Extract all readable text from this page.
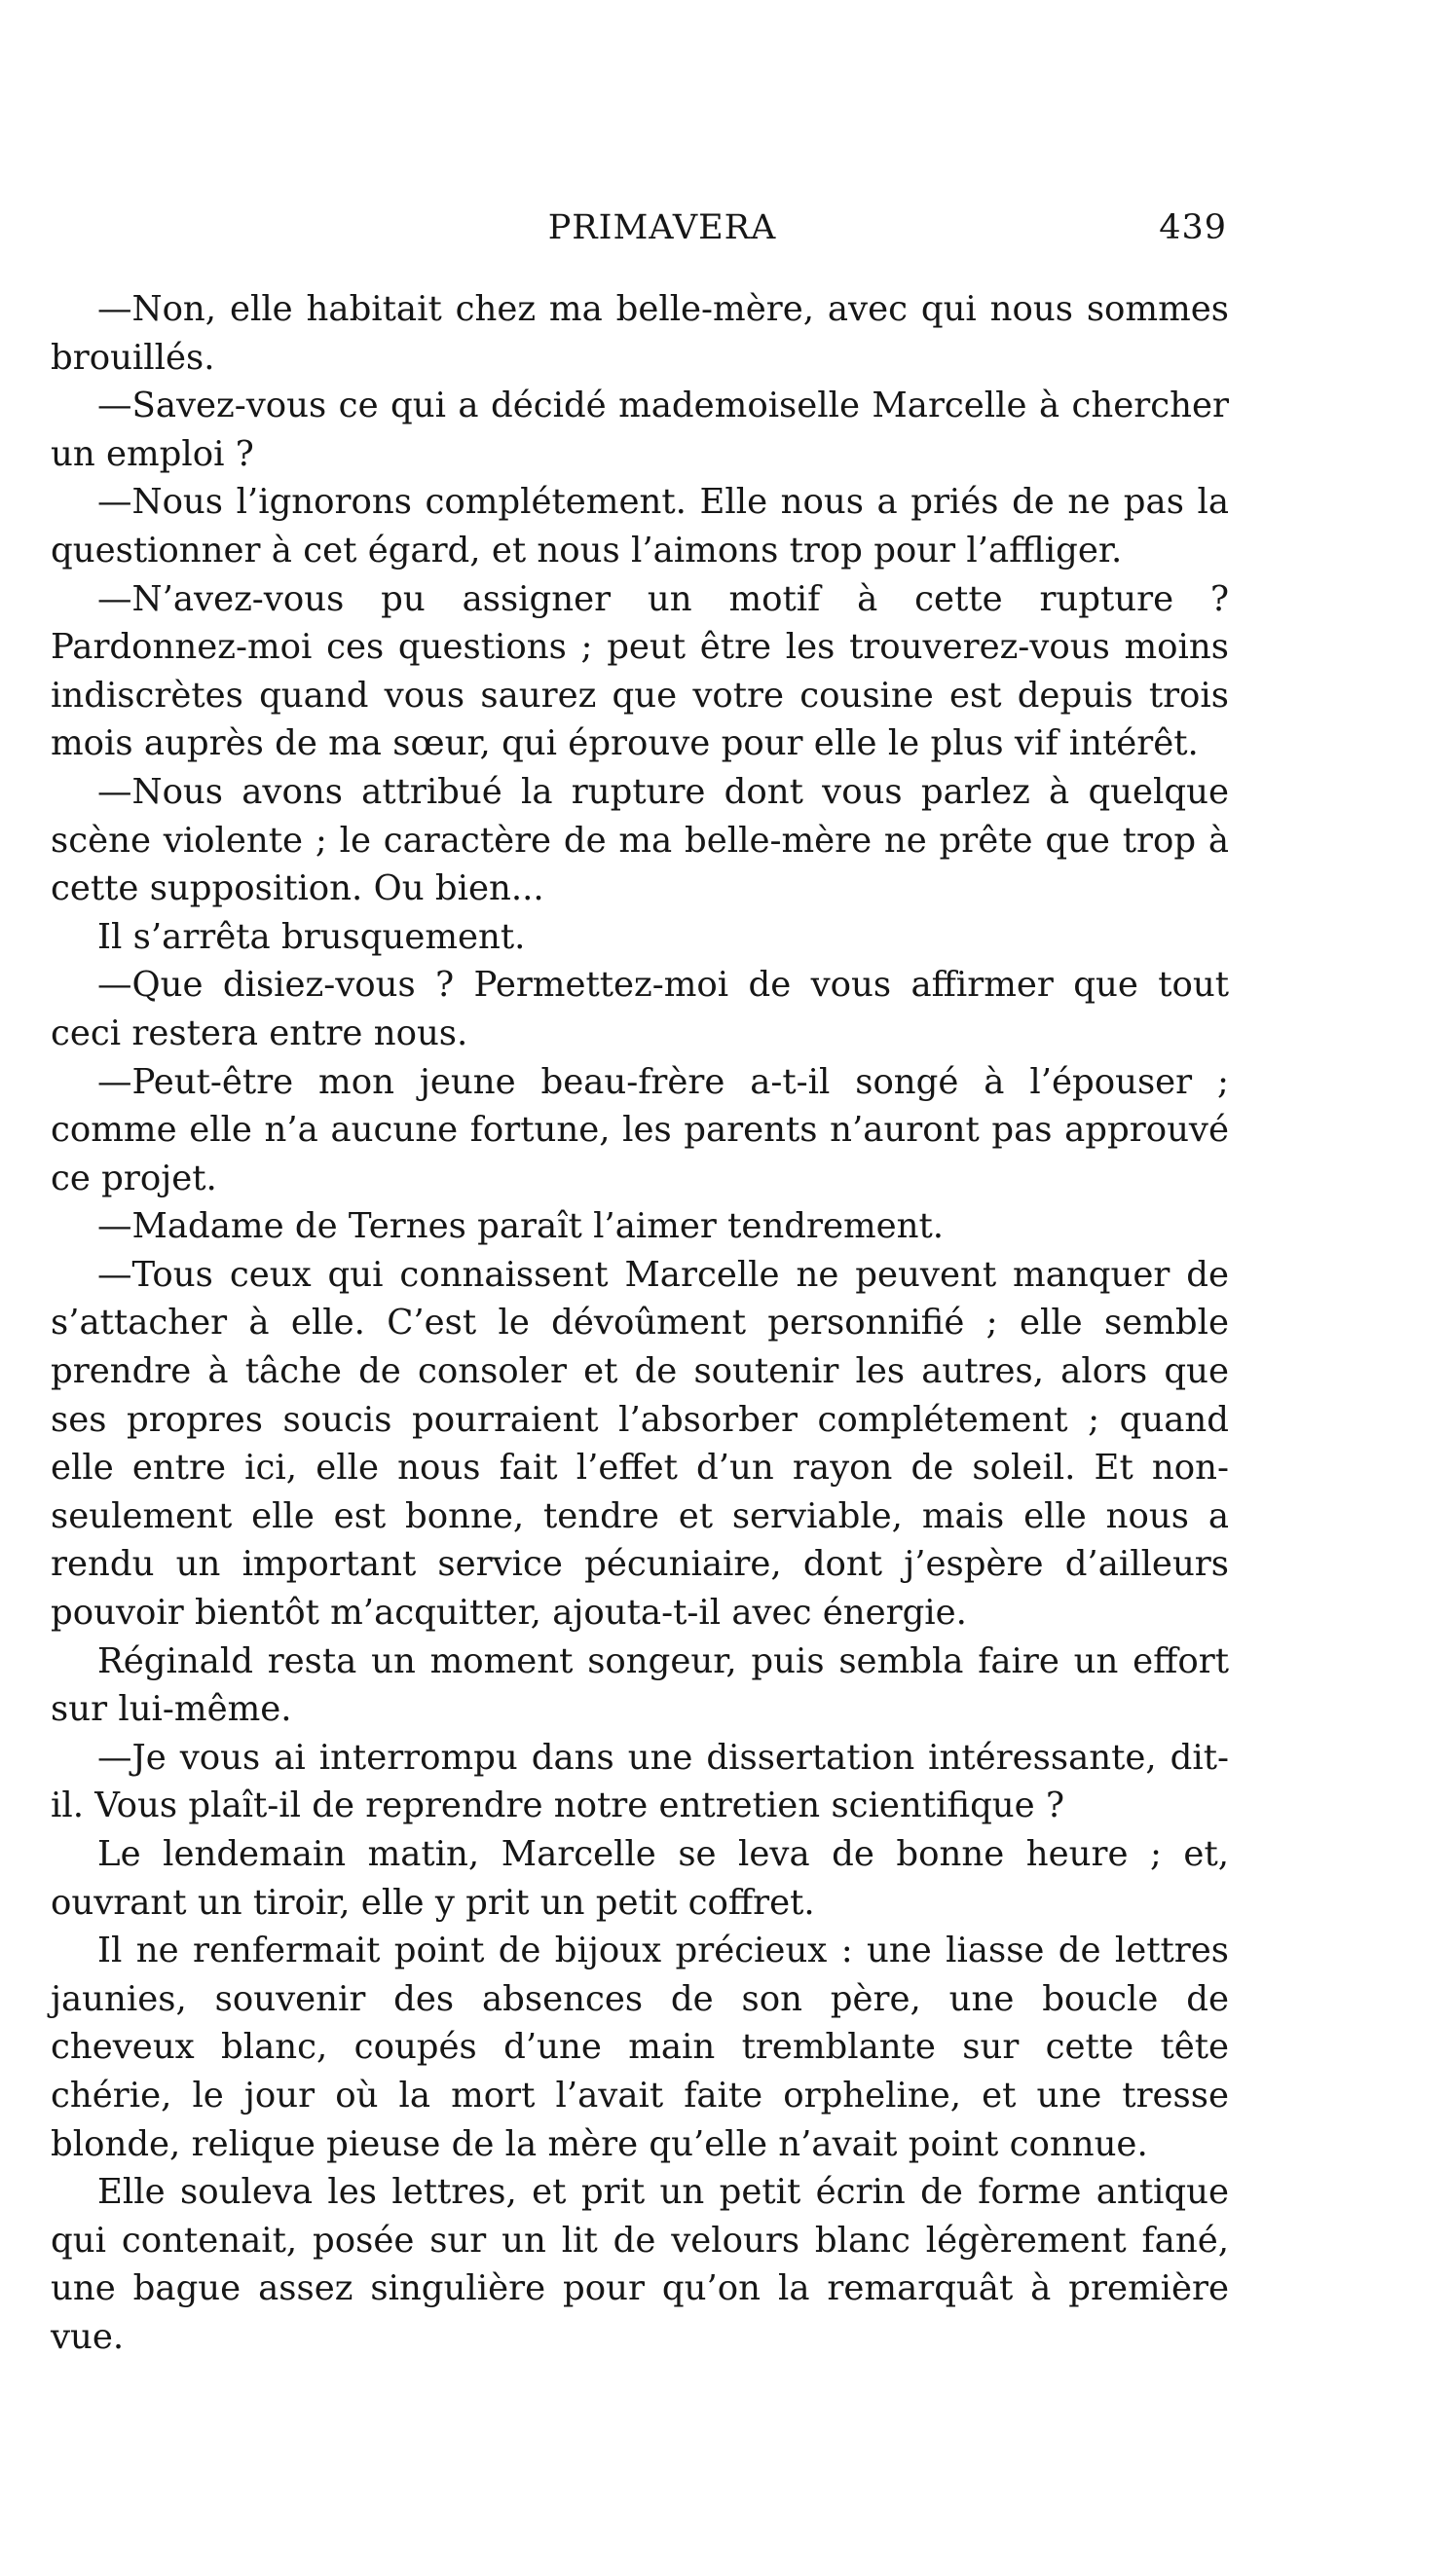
PRIMAVERA	439

—Non, elle habitait chez ma belle-mère, avec qui nous sommes brouillés.

—Savez-vous ce qui a décidé mademoiselle Marcelle à chercher un emploi ?

—Nous l’ignorons complétement. Elle nous a priés de ne pas la questionner à cet égard, et nous l’aimons trop pour l’affliger.

—N’avez-vous pu assigner un motif à cette rupture ? Pardonnez-moi ces questions ; peut être les trouverez-vous moins indiscrètes quand vous saurez que votre cousine est depuis trois mois auprès de ma sœur, qui éprouve pour elle le plus vif intérêt.

—Nous avons attribué la rupture dont vous parlez à quelque scène violente ; le caractère de ma belle-mère ne prête que trop à cette supposition. Ou bien...

Il s’arrêta brusquement.

—Que disiez-vous ? Permettez-moi de vous affirmer que tout ceci restera entre nous.

—Peut-être mon jeune beau-frère a-t-il songé à l’épouser ; comme elle n’a aucune fortune, les parents n’auront pas approuvé ce projet.

—Madame de Ternes paraît l’aimer tendrement.

—Tous ceux qui connaissent Marcelle ne peuvent manquer de s’attacher à elle. C’est le dévoûment personnifié ; elle semble prendre à tâche de consoler et de soutenir les autres, alors que ses propres soucis pourraient l’absorber complétement ; quand elle entre ici, elle nous fait l’effet d’un rayon de soleil. Et non-seulement elle est bonne, tendre et serviable, mais elle nous a rendu un important service pécuniaire, dont j’espère d’ailleurs pouvoir bientôt m’acquitter, ajouta-t-il avec énergie.

Réginald resta un moment songeur, puis sembla faire un effort sur lui-même.

—Je vous ai interrompu dans une dissertation intéressante, dit-il. Vous plaît-il de reprendre notre entretien scientifique ?

Le lendemain matin, Marcelle se leva de bonne heure ; et, ouvrant un tiroir, elle y prit un petit coffret.

Il ne renfermait point de bijoux précieux : une liasse de lettres jaunies, souvenir des absences de son père, une boucle de cheveux blanc, coupés d’une main tremblante sur cette tête chérie, le jour où la mort l’avait faite orpheline, et une tresse blonde, relique pieuse de la mère qu’elle n’avait point connue.

Elle souleva les lettres, et prit un petit écrin de forme antique qui contenait, posée sur un lit de velours blanc légèrement fané, une bague assez singulière pour qu’on la remarquât à première vue.
